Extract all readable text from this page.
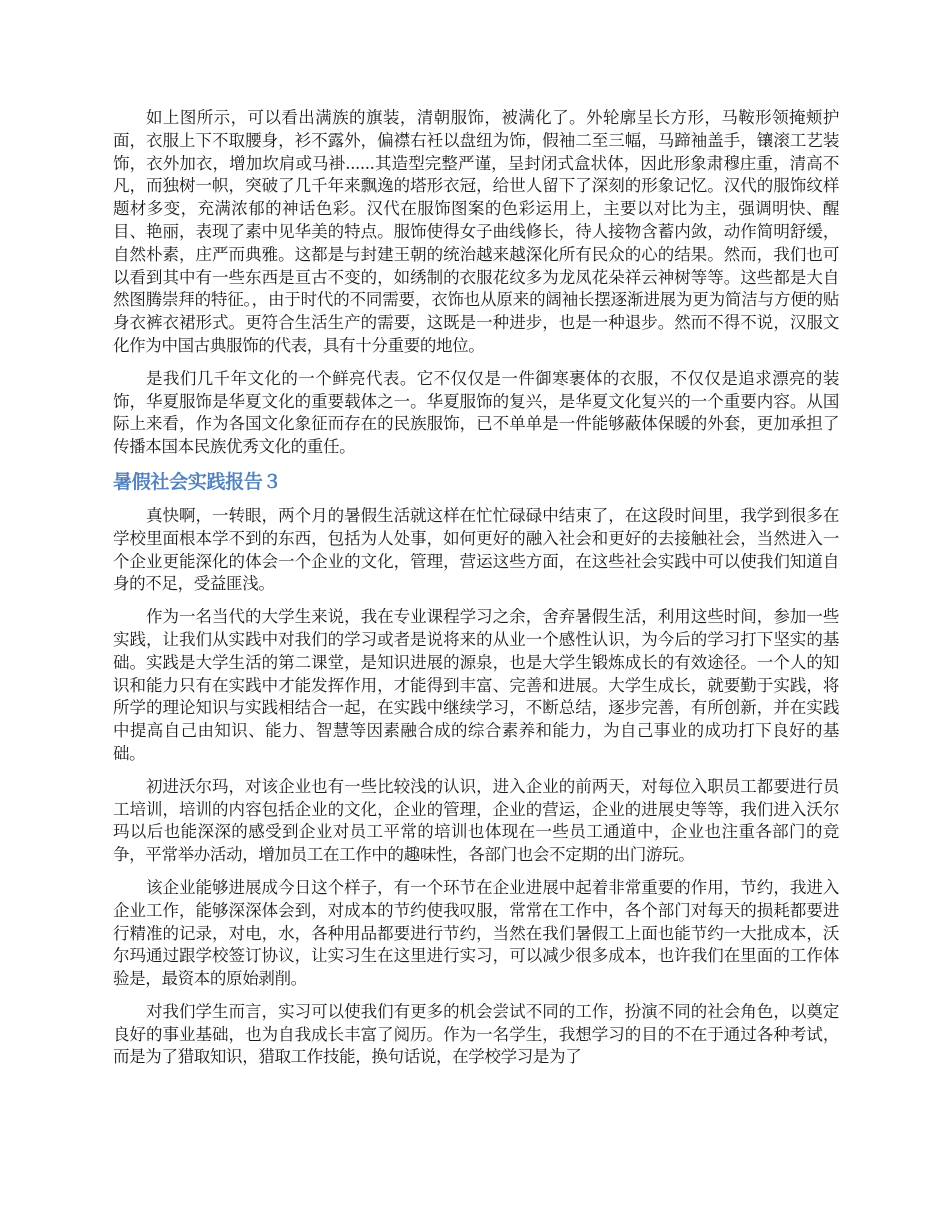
如上图所示，可以看出满族的旗装，清朝服饰，被满化了。外轮廓呈长方形，马鞍形领掩颊护面，衣服上下不取腰身，衫不露外，偏襟右衽以盘纽为饰，假袖二至三幅，马蹄袖盖手，镶滚工艺装饰，衣外加衣，增加坎肩或马褂......其造型完整严谨，呈封闭式盒状体，因此形象肃穆庄重，清高不凡，而独树一帜，突破了几千年来飘逸的塔形衣冠，给世人留下了深刻的形象记忆。汉代的服饰纹样题材多变，充满浓郁的神话色彩。汉代在服饰图案的色彩运用上，主要以对比为主，强调明快、醒目、艳丽，表现了素中见华美的特点。服饰使得女子曲线修长，待人接物含蓄内敛，动作简明舒缓，自然朴素，庄严而典雅。这都是与封建王朝的统治越来越深化所有民众的心的结果。然而，我们也可以看到其中有一些东西是亘古不变的，如绣制的衣服花纹多为龙凤花朵祥云神树等等。这些都是大自然图腾崇拜的特征。，由于时代的不同需要，衣饰也从原来的阔袖长摆逐渐进展为更为简洁与方便的贴身衣裤衣裙形式。更符合生活生产的需要，这既是一种进步，也是一种退步。然而不得不说，汉服文化作为中国古典服饰的代表，具有十分重要的地位。

是我们几千年文化的一个鲜亮代表。它不仅仅是一件御寒裹体的衣服，不仅仅是追求漂亮的装饰，华夏服饰是华夏文化的重要载体之一。华夏服饰的复兴，是华夏文化复兴的一个重要内容。从国际上来看，作为各国文化象征而存在的民族服饰，已不单单是一件能够蔽体保暖的外套，更加承担了传播本国本民族优秀文化的重任。

暑假社会实践报告３

真快啊，一转眼，两个月的暑假生活就这样在忙忙碌碌中结束了，在这段时间里，我学到很多在学校里面根本学不到的东西，包括为人处事，如何更好的融入社会和更好的去接触社会，当然进入一个企业更能深化的体会一个企业的文化，管理，营运这些方面，在这些社会实践中可以使我们知道自身的不足，受益匪浅。

作为一名当代的大学生来说，我在专业课程学习之余，舍弃暑假生活，利用这些时间，参加一些实践，让我们从实践中对我们的学习或者是说将来的从业一个感性认识，为今后的学习打下坚实的基础。实践是大学生活的第二课堂，是知识进展的源泉，也是大学生锻炼成长的有效途径。一个人的知识和能力只有在实践中才能发挥作用，才能得到丰富、完善和进展。大学生成长，就要勤于实践，将所学的理论知识与实践相结合一起，在实践中继续学习，不断总结，逐步完善，有所创新，并在实践中提高自己由知识、能力、智慧等因素融合成的综合素养和能力，为自己事业的成功打下良好的基础。

初进沃尔玛，对该企业也有一些比较浅的认识，进入企业的前两天，对每位入职员工都要进行员工培训，培训的内容包括企业的文化，企业的管理，企业的营运，企业的进展史等等，我们进入沃尔玛以后也能深深的感受到企业对员工平常的培训也体现在一些员工通道中，企业也注重各部门的竞争，平常举办活动，增加员工在工作中的趣味性，各部门也会不定期的出门游玩。

该企业能够进展成今日这个样子，有一个环节在企业进展中起着非常重要的作用，节约，我进入企业工作，能够深深体会到，对成本的节约使我叹服，常常在工作中，各个部门对每天的损耗都要进行精准的记录，对电，水，各种用品都要进行节约，当然在我们暑假工上面也能节约一大批成本，沃尔玛通过跟学校签订协议，让实习生在这里进行实习，可以减少很多成本，也许我们在里面的工作体验是，最资本的原始剥削。

对我们学生而言，实习可以使我们有更多的机会尝试不同的工作，扮演不同的社会角色，以奠定良好的事业基础，也为自我成长丰富了阅历。作为一名学生，我想学习的目的不在于通过各种考试，而是为了猎取知识，猎取工作技能，换句话说，在学校学习是为了
